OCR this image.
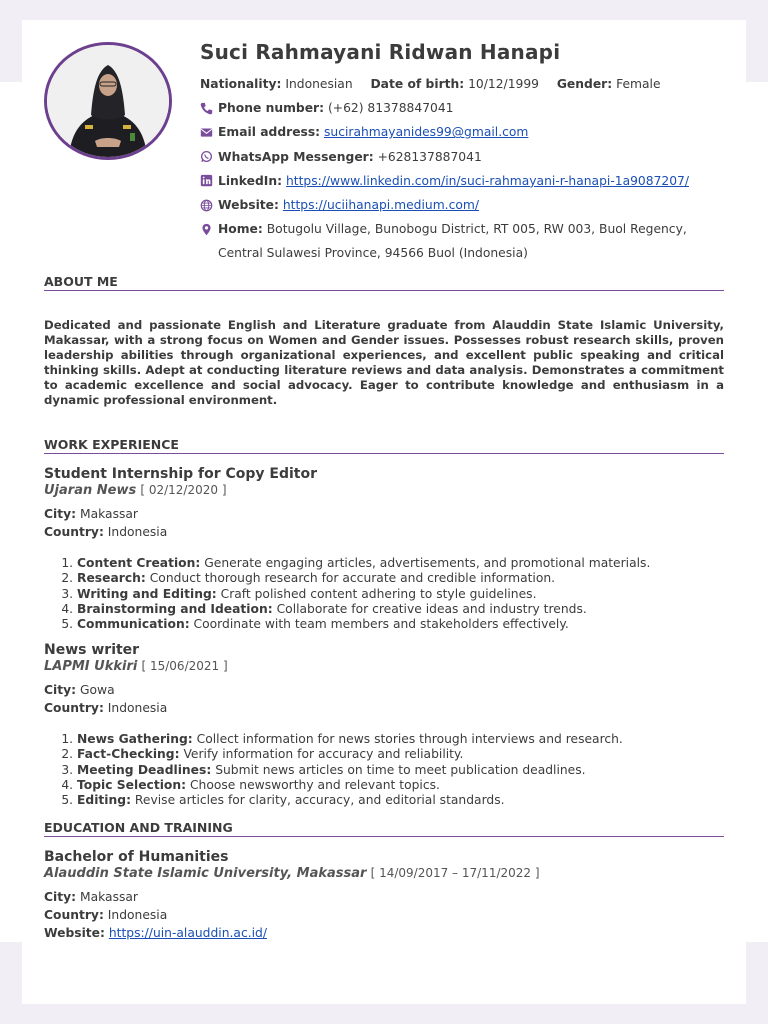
Suci Rahmayani Ridwan Hanapi
Nationality: Indonesian Date of birth: 10/12/1999 Gender: Female
Phone number: (+62) 81378847041
Email address: sucirahmayanides99@gmail.com
WhatsApp Messenger: +628137887041
LinkedIn: https://www.linkedin.com/in/suci-rahmayani-r-hanapi-1a9087207/
Website: https://uciihanapi.medium.com/
Home: Botugolu Village, Bunobogu District, RT 005, RW 003, Buol Regency, Central Sulawesi Province, 94566 Buol (Indonesia)
ABOUT ME
Dedicated and passionate English and Literature graduate from Alauddin State Islamic University, Makassar, with a strong focus on Women and Gender issues. Possesses robust research skills, proven leadership abilities through organizational experiences, and excellent public speaking and critical thinking skills. Adept at conducting literature reviews and data analysis. Demonstrates a commitment to academic excellence and social advocacy. Eager to contribute knowledge and enthusiasm in a dynamic professional environment.
WORK EXPERIENCE
Student Internship for Copy Editor
Ujaran News [ 02/12/2020 ]
City: Makassar
Country: Indonesia
1. Content Creation: Generate engaging articles, advertisements, and promotional materials.
2. Research: Conduct thorough research for accurate and credible information.
3. Writing and Editing: Craft polished content adhering to style guidelines.
4. Brainstorming and Ideation: Collaborate for creative ideas and industry trends.
5. Communication: Coordinate with team members and stakeholders effectively.
News writer
LAPMI Ukkiri [ 15/06/2021 ]
City: Gowa
Country: Indonesia
1. News Gathering: Collect information for news stories through interviews and research.
2. Fact-Checking: Verify information for accuracy and reliability.
3. Meeting Deadlines: Submit news articles on time to meet publication deadlines.
4. Topic Selection: Choose newsworthy and relevant topics.
5. Editing: Revise articles for clarity, accuracy, and editorial standards.
EDUCATION AND TRAINING
Bachelor of Humanities
Alauddin State Islamic University, Makassar [ 14/09/2017 – 17/11/2022 ]
City: Makassar
Country: Indonesia
Website: https://uin-alauddin.ac.id/
